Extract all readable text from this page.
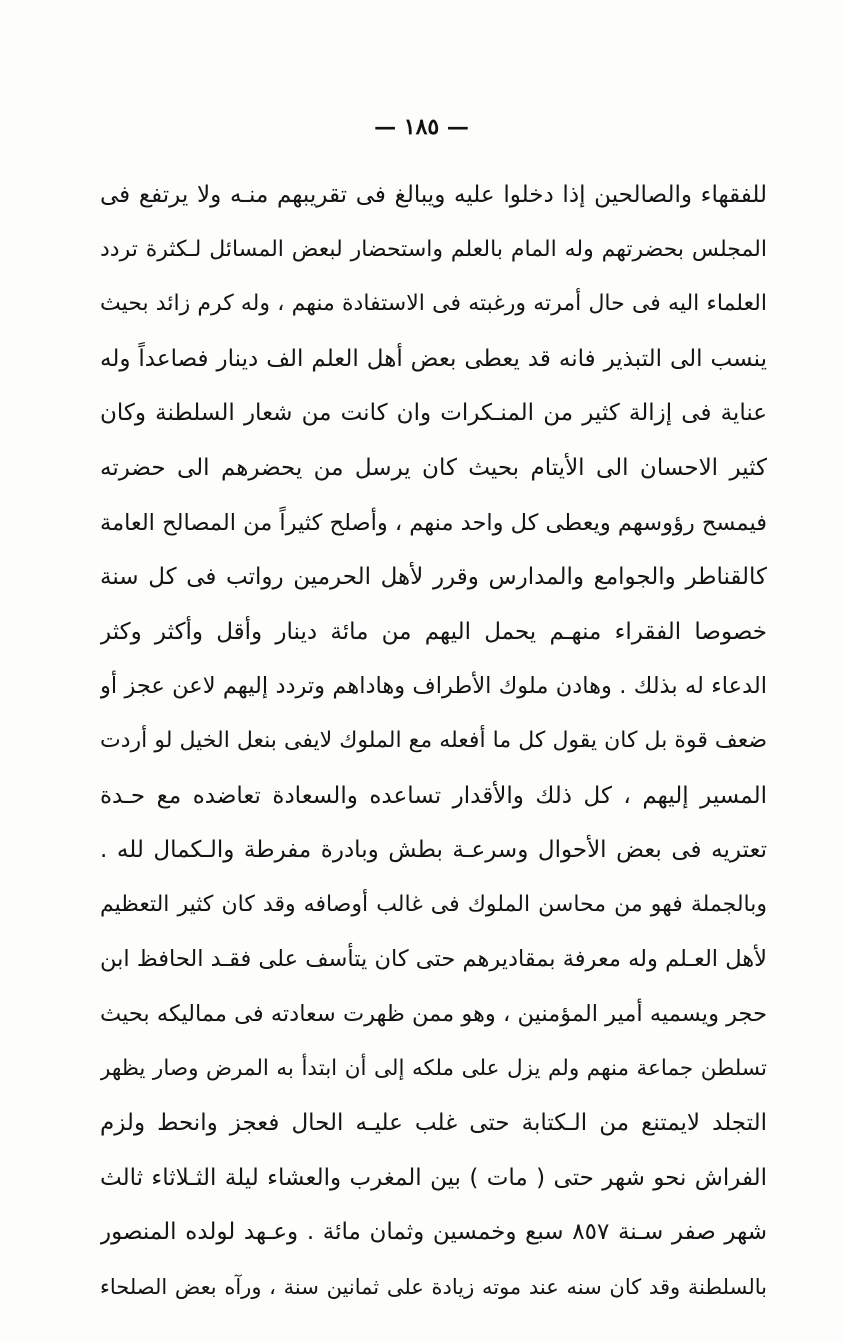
— ١٨٥ —
للفقهاء والصالحين إذا دخلوا عليه ويبالغ فى تقريبهم منـه ولا يرتفع فى
المجلس بحضرتهم وله المام بالعلم واستحضار لبعض المسائل لـكثرة تردد
العلماء اليه فى حال أمرته ورغبته فى الاستفادة منهم ، وله كرم زائد بحيث
ينسب الى التبذير فانه قد يعطى بعض أهل العلم الف دينار فصاعداً وله
عناية فى إزالة كثير من المنـكرات وان كانت من شعار السلطنة وكان
كثير الاحسان الى الأيتام بحيث كان يرسل من يحضرهم الى حضرته
فيمسح رؤوسهم ويعطى كل واحد منهم ، وأصلح كثيراً من المصالح العامة
كالقناطر والجوامع والمدارس وقرر لأهل الحرمين رواتب فى كل سنة
خصوصا الفقراء منهـم يحمل اليهم من مائة دينار وأقل وأكثر وكثر
الدعاء له بذلك . وهادن ملوك الأطراف وهاداهم وتردد إليهم لاعن عجز أو
ضعف قوة بل كان يقول كل ما أفعله مع الملوك لايفى بنعل الخيل لو أردت
المسير إليهم ، كل ذلك والأقدار تساعده والسعادة تعاضده مع حـدة
تعتريه فى بعض الأحوال وسرعـة بطش وبادرة مفرطة والـكمال لله .
وبالجملة فهو من محاسن الملوك فى غالب أوصافه وقد كان كثير التعظيم
لأهل العـلم وله معرفة بمقاديرهم حتى كان يتأسف على فقـد الحافظ ابن
حجر ويسميه أمير المؤمنين ، وهو ممن ظهرت سعادته فى مماليكه بحيث
تسلطن جماعة منهم ولم يزل على ملكه إلى أن ابتدأ به المرض وصار يظهر
التجلد لايمتنع من الـكتابة حتى غلب عليـه الحال فعجز وانحط ولزم
الفراش نحو شهر حتى ( مات ) بين المغرب والعشاء ليلة الثـلاثاء ثالث
شهر صفر سـنة ٨٥٧ سبع وخمسين وثمان مائة . وعـهد لولده المنصور
بالسلطنة وقد كان سنه عند موته زيادة على ثمانين سنة ، ورآه بعض الصلحاء
